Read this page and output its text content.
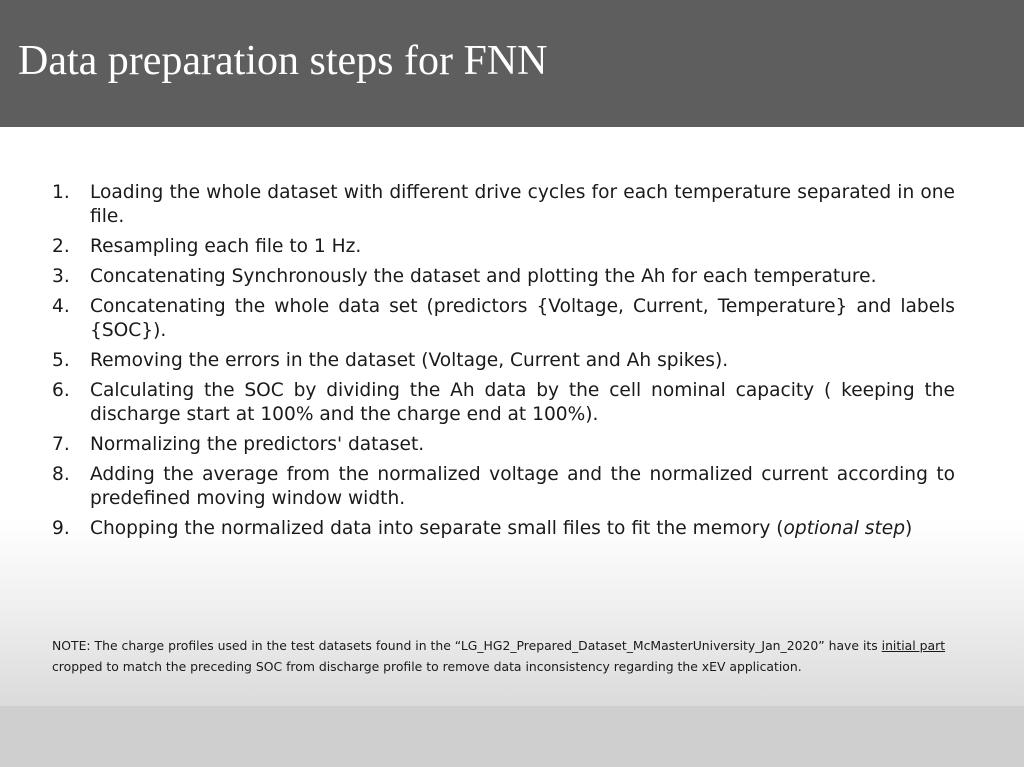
Data preparation steps for FNN
1.	Loading the whole dataset with different drive cycles for each temperature separated in one file.
2.	Resampling each file to 1 Hz.
3.	Concatenating Synchronously the dataset and plotting the Ah for each temperature.
4.	Concatenating the whole data set (predictors {Voltage, Current, Temperature} and labels {SOC}).
5.	Removing the errors in the dataset (Voltage, Current and Ah spikes).
6.	Calculating the SOC by dividing the Ah data by the cell nominal capacity ( keeping the discharge start at 100% and the charge end at 100%).
7.	Normalizing the predictors' dataset.
8.	Adding the average from the normalized voltage and the normalized current according to predefined moving window width.
9.	Chopping the normalized data into separate small files to fit the memory (optional step)

NOTE: The charge profiles used in the test datasets found in the “LG_HG2_Prepared_Dataset_McMasterUniversity_Jan_2020” have its initial part cropped to match the preceding SOC from discharge profile to remove data inconsistency regarding the xEV application.
